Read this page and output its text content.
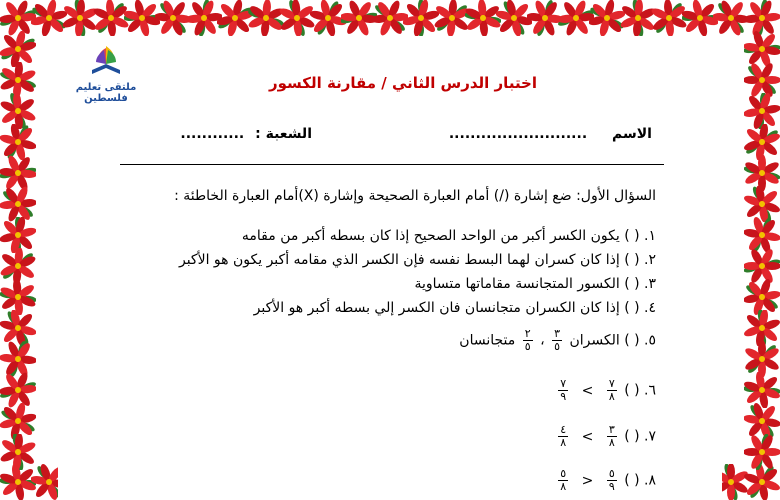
ملتقى تعليم فلسطين
اختبار الدرس الثاني / مقارنة الكسور
الاسم ..........................
الشعبة : ............
السؤال الأول: ضع إشارة (/) أمام العبارة الصحيحة وإشارة (X)أمام العبارة الخاطئة :
١. ( ) يكون الكسر أكبر من الواحد الصحيح إذا كان بسطه أكبر من مقامه
٢. ( ) إذا كان كسران لهما البسط نفسه فإن الكسر الذي مقامه أكبر يكون هو الأكبر
٣. ( ) الكسور المتجانسة مقاماتها متساوية
٤. ( ) إذا كان الكسران متجانسان فان الكسر إلي بسطه أكبر هو الأكبر
٥. ( ) الكسران
$\frac{٣}{٥}$
،
$\frac{٢}{٥}$
متجانسان
٦. ( )
$\frac{٧}{٨}$
>
$\frac{٧}{٩}$
٧. ( )
$\frac{٣}{٨}$
>
$\frac{٤}{٨}$
٨. ( )
$\frac{٥}{٩}$
<
$\frac{٥}{٨}$
